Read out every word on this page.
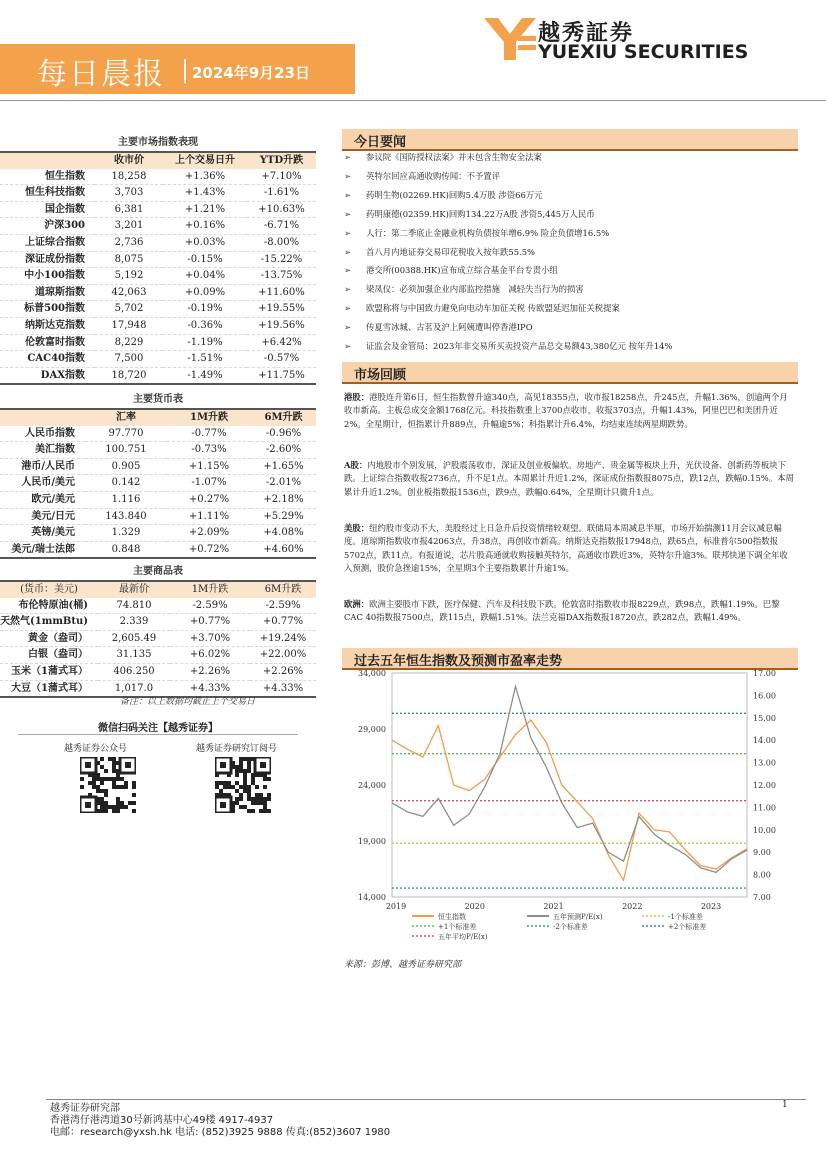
每日晨报 2024年9月23日
越秀証券
YUEXIU SECURITIES
主要市场指数表现
	收市价	上个交易日升	YTD升跌
恒生指数	18,258	+1.36%	+7.10%
恒生科技指数	3,703	+1.43%	-1.61%
国企指数	6,381	+1.21%	+10.63%
沪深300	3,201	+0.16%	-6.71%
上证综合指数	2,736	+0.03%	-8.00%
深证成份指数	8,075	-0.15%	-15.22%
中小100指数	5,192	+0.04%	-13.75%
道琼斯指数	42,063	+0.09%	+11.60%
标普500指数	5,702	-0.19%	+19.55%
纳斯达克指数	17,948	-0.36%	+19.56%
伦敦富时指数	8,229	-1.19%	+6.42%
CAC40指数	7,500	-1.51%	-0.57%
DAX指数	18,720	-1.49%	+11.75%
主要货币表
	汇率	1M升跌	6M升跌
人民币指数	97.770	-0.77%	-0.96%
美汇指数	100.751	-0.73%	-2.60%
港币/人民币	0.905	+1.15%	+1.65%
人民币/美元	0.142	-1.07%	-2.01%
欧元/美元	1.116	+0.27%	+2.18%
美元/日元	143.840	+1.11%	+5.29%
英镑/美元	1.329	+2.09%	+4.08%
美元/瑞士法郎	0.848	+0.72%	+4.60%
主要商品表
(货币：美元)	最新价	1M升跌	6M升跌
布伦特原油(桶)	74.810	-2.59%	-2.59%
天然气(1mmBtu)	2.339	+0.77%	+0.77%
黄金（盎司）	2,605.49	+3.70%	+19.24%
白银（盎司）	31.135	+6.02%	+22.00%
玉米（1蒲式耳）	406.250	+2.26%	+2.26%
大豆（1蒲式耳）	1,017.0	+4.33%	+4.33%
备注：以上数据均截止上个交易日
微信扫码关注【越秀证券】
越秀证券公众号	越秀证券研究订阅号
今日要闻
➢ 参议院《国防授权法案》并未包含生物安全法案
➢ 英特尔回应高通收购传闻：不予置评
➢ 药明生物(02269.HK)回购5.4万股 涉资66万元
➢ 药明康德(02359.HK)回购134.22万A股 涉资5,445万人民币
➢ 人行：第二季底止金融业机构负债按年增6.9% 险企负债增16.5%
➢ 首八月内地证券交易印花税收入按年跌55.5%
➢ 港交所(00388.HK)宣布成立综合基金平台专责小组
➢ 梁凤仪：必须加强企业内部监控措施　减轻失当行为的损害
➢ 欧盟称将与中国致力避免向电动车加征关税 传欧盟延迟加征关税提案
➢ 传夏雪冰城、古茗及沪上阿姨遭叫停香港IPO
➢ 证监会及金管局：2023年非交易所买卖投资产品总交易额43,380亿元 按年升14%
市场回顾
港股：港股连升第6日，恒生指数曾升逾340点，高见18355点，收市报18258点，升245点，升幅1.36%，创逾两个月收市新高。主板总成交金额1768亿元。科技指数重上3700点收市，收报3703点，升幅1.43%，阿里巴巴和美团升近2%。全星期计，恒指累计升889点，升幅逾5%；科指累计升6.4%，均结束连续两星期跌势。
A股：内地股市个别发展，沪股震荡收市，深证及创业板偏软。房地产、贵金属等板块上升，光伏设备、创新药等板块下跌。上证综合指数收报2736点，升不足1点。本周累计升近1.2%，深证成份指数报8075点，跌12点，跌幅0.15%。本周累计升近1.2%。创业板指数报1536点，跌9点，跌幅0.64%，全星期计只微升1点。
美股：纽约股市变动不大，美股经过上日急升后投资情绪较观望。联储局本周减息半厘，市场开始揣测11月会议减息幅度。道琼斯指数收市报42063点，升38点，再创收市新高。纳斯达克指数报17948点，跌65点，标准普尔500指数报5702点，跌11点。有报道说，芯片股高通就收购接触英特尔，高通收市跌近3%，英特尔升逾3%。联邦快递下调全年收入预测，股价急挫逾15%，全星期3个主要指数累计升逾1%。
欧洲：欧洲主要股市下跌，医疗保健、汽车及科技股下跌。伦敦富时指数收市报8229点，跌98点，跌幅1.19%。巴黎CAC 40指数报7500点，跌115点，跌幅1.51%。法兰克福DAX指数报18720点，跌282点，跌幅1.49%。
过去五年恒生指数及预测市盈率走势
14,000
19,000
24,000
29,000
34,000
7.00
8.00
9.00
10.00
11.00
12.00
13.00
14.00
15.00
16.00
17.00
2019	2020	2021	2022	2023
恒生指数	五年预测P/E(x)	-1个标准差
+1个标准差	-2个标准差	+2个标准差
五年平均P/E(x)
来源：彭博、越秀证券研究部
越秀证券研究部
香港湾仔港湾道30号新鸿基中心49楼 4917-4937
电邮：research@yxsh.hk 电话: (852)3925 9888 传真:(852)3607 1980
1
